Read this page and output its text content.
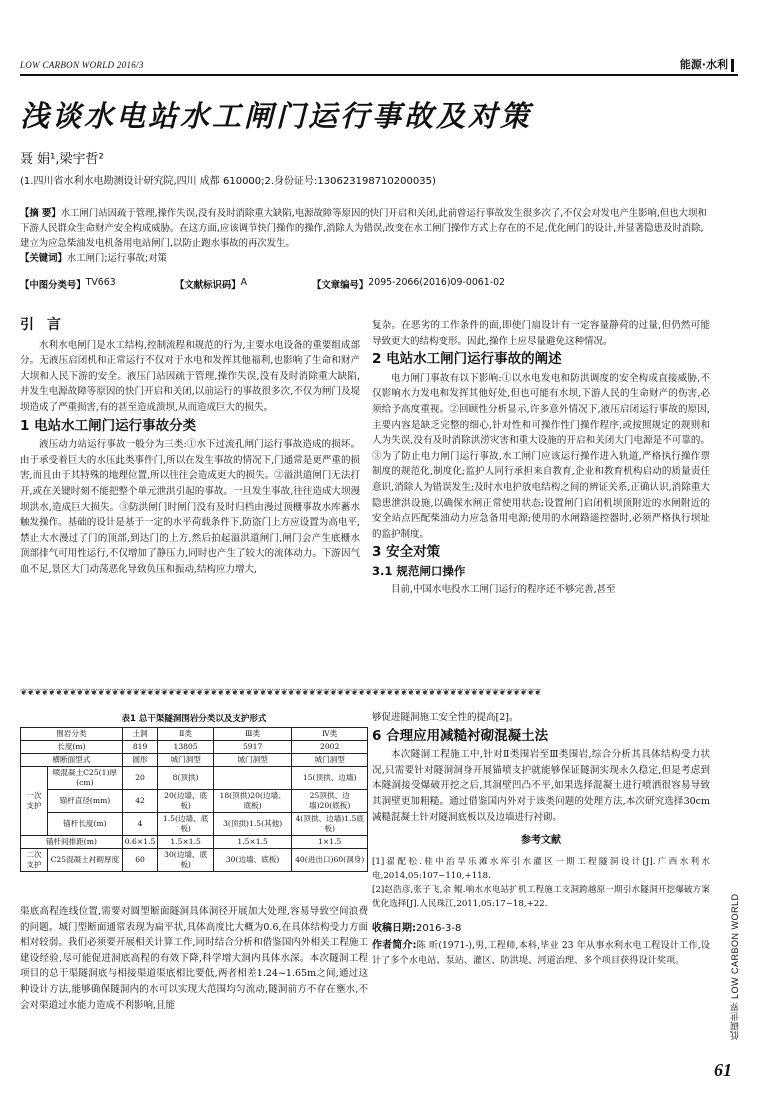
LOW CARBON WORLD 2016/3	能源·水利
浅谈水电站水工闸门运行事故及对策
聂 娟¹,梁宇哲²
(1.四川省水利水电勘测设计研究院,四川 成都 610000;2.身份证号:130623198710200035)
【摘 要】水工闸门站因疏于管理,操作失误,没有及时消除重大缺陷,电源故障等原因的快门开启和关闭,此前曾运行事故发生很多次了,不仅会对发电产生影响,但也大坝和下游人民群众生命财产安全构成威胁。在这方面,应该调节快门操作的操作,消除人为错误,改变在水工闸门操作方式上存在的不足,优化闸门的设计,并显著隐患及时消除,建立为应急柴油发电机备用电站闸门,以防止跑水事故的再次发生。
【关键词】水工闸门;运行事故;对策
【中图分类号】 TV663	【文献标识码】 A	【文章编号】 2095-2066(2016)09-0061-02
引 言

水利水电闸门是水工结构,控制流程和规范的行为,主要水电设备的重要组成部分。无液压启闭机和正常运行不仅对于水电和发挥其他福利,也影响了生命和财产大坝和人民下游的安全。液压门站因疏于管理,操作失误,没有及时消除重大缺陷,并发生电源故障等原因的快门开启和关闭,以前运行的事故很多次,不仅为闸门及堤坝造成了严重损害,有的甚至造成溃坝,从而造成巨大的损失。

1 电站水工闸门运行事故分类

液压动力站运行事故一般分为三类:①水下过流孔闸门运行事故造成的损坏。由于承受着巨大的水压此类事件门,所以在发生事故的情况下,门通常是更严重的损害,而且由于其特殊的地理位置,所以往往会造成更大的损失。②溢洪道闸门无法打开,或在关键时刻不能把整个单元泄洪引起的事故。一旦发生事故,往往造成大坝漫坝洪水,造成巨大损失。③防洪闸门时闸门没有及时归档由漫过顶栅事故水库蓄水触发操作。基础的设计是基于一定的水平荷载条件下,防盗门上方应设置为高电平,禁止大水漫过了门的顶部,到达门的上方,然后拍起溢洪道闸门,闸门会产生底栅水顶部排气可用性运行,不仅增加了静压力,同时也产生了较大的流体动力。下游因气血不足,景区大门动荡恶化导致负压和振动,结构应力增大,

复杂。在恶劣的工作条件的面,即使门扇设计有一定容量静荷的过量,但仍然可能导致更大的结构变形。因此,操作上应尽量避免这种情况。

2 电站水工闸门运行事故的阐述

电力闸门事故有以下影响:①以水电发电和防洪调度的安全构成直接威胁,不仅影响水力发电和发挥其他好处,但也可能有水坝,下游人民的生命财产的伤害,必须给予高度重视。②回顾性分析显示,许多意外情况下,液压启闭运行事故的原因,主要内容是缺乏完整的细心,针对性和可操作性门操作程序,或按照规定的规则和人为失误,没有及时消除洪涝灾害和重大设施的开启和关闭大门电源是不可靠的。③为了防止电力闸门运行事故,水工闸门应该运行操作进入轨道,严格执行操作票制度的规范化,制度化;监护人同行承担来自教育,企业和教育机构启动的质量责任意识,消除人为错误发生;及时水电护放电结构之间的辨证关系,正确认识,消除重大隐患泄洪设施,以确保水闸正常使用状态;设置闸门启闭机坝顶附近的水闸附近的安全站点匹配柴油动力应急备用电源;使用的水闸路遥控器时,必须严格执行坝址的监护制度。

3 安全对策
3.1 规范闸口操作

目前,中国水电投水工闸门运行的程序还不够完善,甚至

❦❦❦❦❦❦❦❦❦❦❦❦❦❦❦❦❦❦❦❦❦❦❦❦❦❦❦❦❦❦❦❦❦❦❦❦❦❦❦❦❦❦❦❦❦❦❦❦❦❦❦❦❦❦❦❦❦❦❦❦❦❦❦❦❦❦❦❦❦❦❦❦❦❦
表1 总干渠隧洞围岩分类以及支护形式
围岩分类		土洞	Ⅱ类	Ⅲ类	Ⅳ类
长度(m)		819	13805	5917	2002
横断面型式		圆形	城门洞型	城门洞型	城门洞型
一次支护	喷混凝土C25(1)厚(cm)	20	8(顶拱)		15(顶拱、边墙)
	锚杆直径(mm)	42	20(边墙、底板)	18(顶拱)20(边墙、底板)	25顶拱、边墙)20(底板)
	锚杆长度(m)	4	1.5(边墙、底板)	3(顶拱)1.5(其他)	4(顶拱、边墙)1.5底板)
锚杆间排距(m)		0.6×1.5	1.5×1.5	1.5×1.5	1×1.5
二次支护	C25混凝土衬砌厚度	60	30(边墙、底板)	30(边墙、底板)	40(进出口)60(洞身)

渠底高程连线位置,需要对圆型断面隧洞具体洞径开展加大处理,容易导致空间浪费的问题。城门型断面通常表现为扁平状,具体高度比大概为0.6,在具体结构受力方面相对较弱。我们必须要开展相关计算工作,同时结合分析和借鉴国内外相关工程施工建设经验,尽可能促进洞底高程的有效下降,科学增大洞内具体水深。本次隧洞工程项目的总干渠隧洞底与相接渠道渠底相比要低,两者相差1.24~1.65m之间,通过这种设计方法,能够确保隧洞内的水可以实现大范围均匀流动,隧洞前方不存在壅水,不会对渠道过水能力造成不利影响,且能

够促进隧洞施工安全性的提高[2]。

6 合理应用减糙衬砌混凝土法

本次隧洞工程施工中,针对Ⅱ类围岩至Ⅲ类围岩,综合分析其具体结构受力状况,只需要针对隧洞洞身开展锚喷支护就能够保证隧洞实现永久稳定,但是考虑到本隧洞接受爆破开挖之后,其洞壁凹凸不平,如果选择混凝土进行喷洒很容易导致其洞壁更加粗糙。通过借鉴国内外对于该类问题的处理方法,本次研究选择30cm减糙混凝土针对隧洞底板以及边墙进行衬砌。

参考文献
[1]翟配松.桂中治旱乐滩水库引水灌区一期工程隧洞设计[J].广西水利水电,2014,05:107~110,+118.
[2]赵浩彦,张子飞,余 鲲.响水水电站扩机工程施工支洞跨越原一期引水隧洞开挖爆破方案优化选择[J].人民珠江,2011,05:17~18,+22.
收稿日期:2016-3-8
作者简介:陈 昕(1971-),男,工程师,本科,毕业 23 年从事水利水电工程设计工作,设计了多个水电站、泵站、灌区、防洪堤、河道治理、多个项目获得设计奖项。	低碳世界 LOW CARBON WORLD
61
